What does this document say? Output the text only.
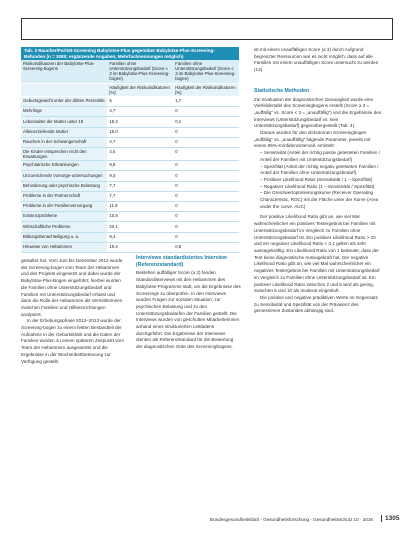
Tab. 3 Raucher/Parität-Screening Babylotse-Plus gegenüber Babylotse-Plus-Screening-Befunden (n = 3080; ergänzende Angaben, Mehrfachnennungen möglich)
Risikoindikatoren der Babylotse-Plus-Screening-bogens	Familien ohne Unterstützungsbedarf (Score ≥ 3 im Babylotse-Plus-Screening-bogen)	Familien ohne Unterstützungsbedarf (Score ≤ 3 im Babylotse-Plus-Screening-bogen)
	Häufigkeit der Risikoindikatoren [%]	Häufigkeit der Risikoindikatoren [%]
Geburtsgewicht unter der dritten Perzentile	5	1,7
Mehrlinge	4,7	0
Lebensalter der Mutter unter 18	15,3	0,1
Alleinerziehende Mutter	15,0	0
Rauchen in der Schwangerschaft	4,7	0
Die Kinder entsprechen nicht den Erwartungen	4,5	0
Psychiatrische Erkrankungen	9,8	0
Unzureichende Vorsorge-untersuchungen	9,3	0
Behinderung oder psychische Belastung	7,7	0
Probleme in der Partnerschaft	7,7	0
Probleme in der Familienversorgung	11,9	0
Existenzprobleme	10,8	0
Wirtschaftliche Probleme	20,1	0
Bildungsbenachteiligung u. a.	9,4	0
Hinweise von Hebammen	19,4	0,6

gestaltet hat. Vom Juni bis Dezember 2012 wurde der Screening-bogen vom Team der Hebammen und des Projekts eingesetzt und dabei wurde der Babylotse-Plus-Bogen eingeführt; hierbei wurden die Familien ohne Unterstützungsbedarf und Familien mit Unterstützungsbedarf erfasst und dann die Rolle der Hebammen als Vermittlerinnen zwischen Familien und Hilfeeinrichtungen analysiert.

In der Erhebungsphase 2012–2013 wurde der Screening-bogen zu einem festen Bestandteil der Aufnahme in der Geburtsklinik und die Daten der Familien wurden zu einem späteren Zeitpunkt vom Team der Hebammen ausgewertet und die Ergebnisse in der Wochenbettbetreuung zur Verfügung gestellt.

Interviews standardisiertes Interview (Referenzstandard)

Bestehen auffälliger Score (≥ 3) fanden Standardinterviews mit den Hebammen des Babylotse-Programms statt, um die Ergebnisse des Screenings zu überprüfen. In den Interviews wurden Fragen zur sozialen Situation, zur psychischen Belastung und zu den Unterstützungsbedarfen der Familien gestellt. Die Interviews wurden von geschulten Mitarbeiterinnen anhand eines strukturierten Leitfadens durchgeführt. Die Ergebnisse der Interviews dienten als Referenzstandard für die Bewertung der diagnostischen Güte des Screeningbogens.

ist mit einem unauffälligen Score (≤ 3) durch Aufgrund begrenzter Ressourcen war es nicht möglich, dass auf alle Familien mit einem unauffälligen Score untersucht zu werden (12).

Statistische Methoden

Zur Evaluation der diagnostischen Genauigkeit wurde eine Vierfeldertafel des Screeningbogens erstellt (Score ≥ 3 = „auffällig“ vs. Score < 3 = „unauffällig“) und die Ergebnisse des Interviews (Unterstützungsbedarf vs. kein Unterstützungsbedarf) gegenübergestellt (Tab. 4).

Daraus wurden für den dichotomen Screeningbogen „auffällig“ vs. „unauffällig“ folgende Parameter, jeweils mit einem 95%-Konfidenzintervall, ermittelt:

– Sensitivität (Anteil der richtig positiv getesteten Familien / Anteil der Familien mit Unterstützungsbedarf)
– Spezifität (Anteil der richtig negativ getesteten Familien / Anteil der Familien ohne Unterstützungsbedarf)
– Positiver Likelihood Ratio (Sensitivität / 1 – Spezifität)
– Negativer Likelihood Ratio (1 – Sensitivität / Spezifität)
– Die Grenzwertoptimierungskurve (Receiver Operating Characteristic, ROC) mit der Fläche unter der Kurve (Area under the curve, AUC)

Der positive Likelihood Ratio gibt an, wie viel Mal wahrscheinlicher ein positives Testergebnis bei Familien mit Unterstützungsbedarf im Vergleich zu Familien ohne Unterstützungsbedarf ist. Ein positiver Likelihood Ratio > 10 und ein negativer Likelihood Ratio < 0,1 gelten als sehr aussagekräftig. Ein Likelihood Ratio von 1 bedeutet, dass der Test keine diagnostische Aussagekraft hat. Der negative Likelihood Ratio gibt an, wie viel Mal wahrscheinlicher ein negatives Testergebnis bei Familien mit Unterstützungsbedarf im Vergleich zu Familien ohne Unterstützungsbedarf ist. Ein positiver Likelihood Ratio zwischen 2 und 5 wird als gering, zwischen 5 und 10 als moderat eingestuft.

Die positive und negative prädiktiven Werte im Gegensatz zu Sensitivität und Spezifität von der Prävalenz des gemessenen Zustandes abhängig sind.

Bundesgesundheitsblatt - Gesundheitsforschung - Gesundheitsschutz 10 · 2016	1305
